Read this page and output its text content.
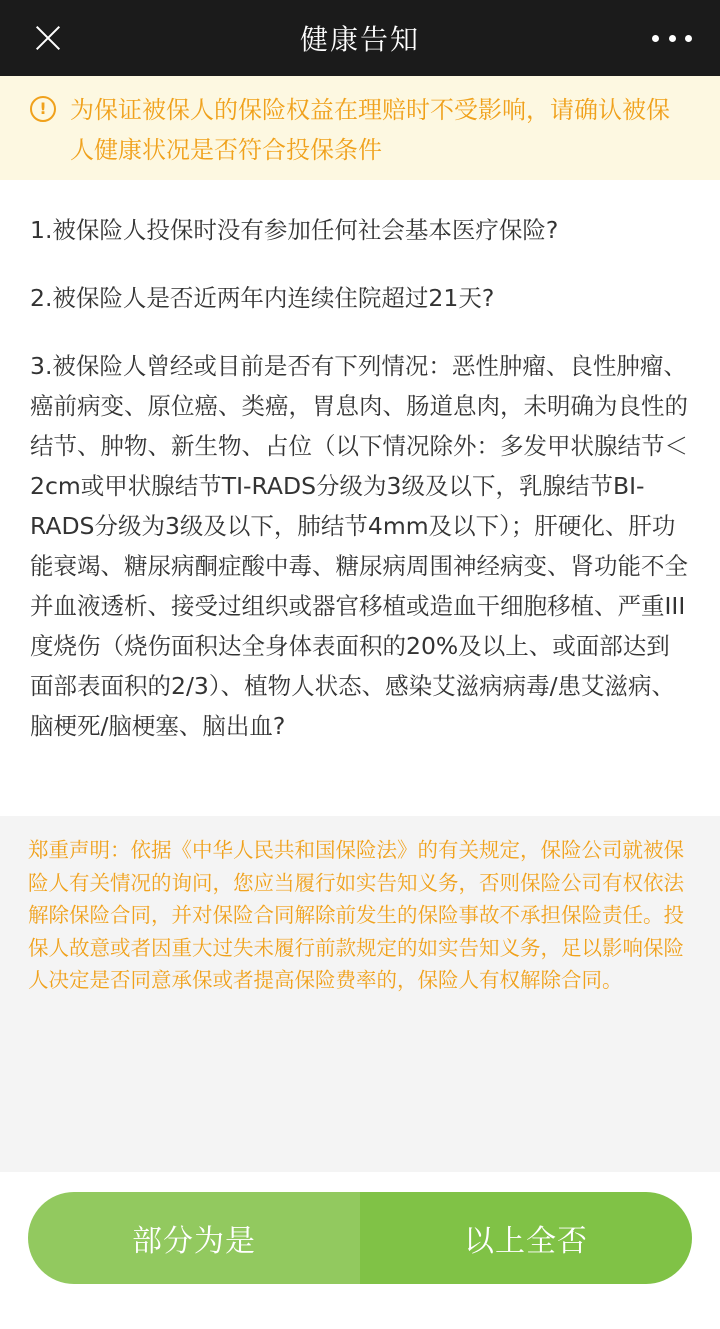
健康告知
! 为保证被保人的保险权益在理赔时不受影响，请确认被保人健康状况是否符合投保条件

1.被保险人投保时没有参加任何社会基本医疗保险?

2.被保险人是否近两年内连续住院超过21天?

3.被保险人曾经或目前是否有下列情况：恶性肿瘤、良性肿瘤、癌前病变、原位癌、类癌，胃息肉、肠道息肉，未明确为良性的结节、肿物、新生物、占位（以下情况除外：多发甲状腺结节＜2cm或甲状腺结节TI-RADS分级为3级及以下，乳腺结节BI-RADS分级为3级及以下，肺结节4mm及以下）；肝硬化、肝功能衰竭、糖尿病酮症酸中毒、糖尿病周围神经病变、肾功能不全并血液透析、接受过组织或器官移植或造血干细胞移植、严重III度烧伤（烧伤面积达全身体表面积的20%及以上、或面部达到面部表面积的2/3）、植物人状态、感染艾滋病病毒/患艾滋病、脑梗死/脑梗塞、脑出血?

郑重声明：依据《中华人民共和国保险法》的有关规定，保险公司就被保险人有关情况的询问，您应当履行如实告知义务，否则保险公司有权依法解除保险合同，并对保险合同解除前发生的保险事故不承担保险责任。投保人故意或者因重大过失未履行前款规定的如实告知义务，足以影响保险人决定是否同意承保或者提高保险费率的，保险人有权解除合同。
部分为是	以上全否
